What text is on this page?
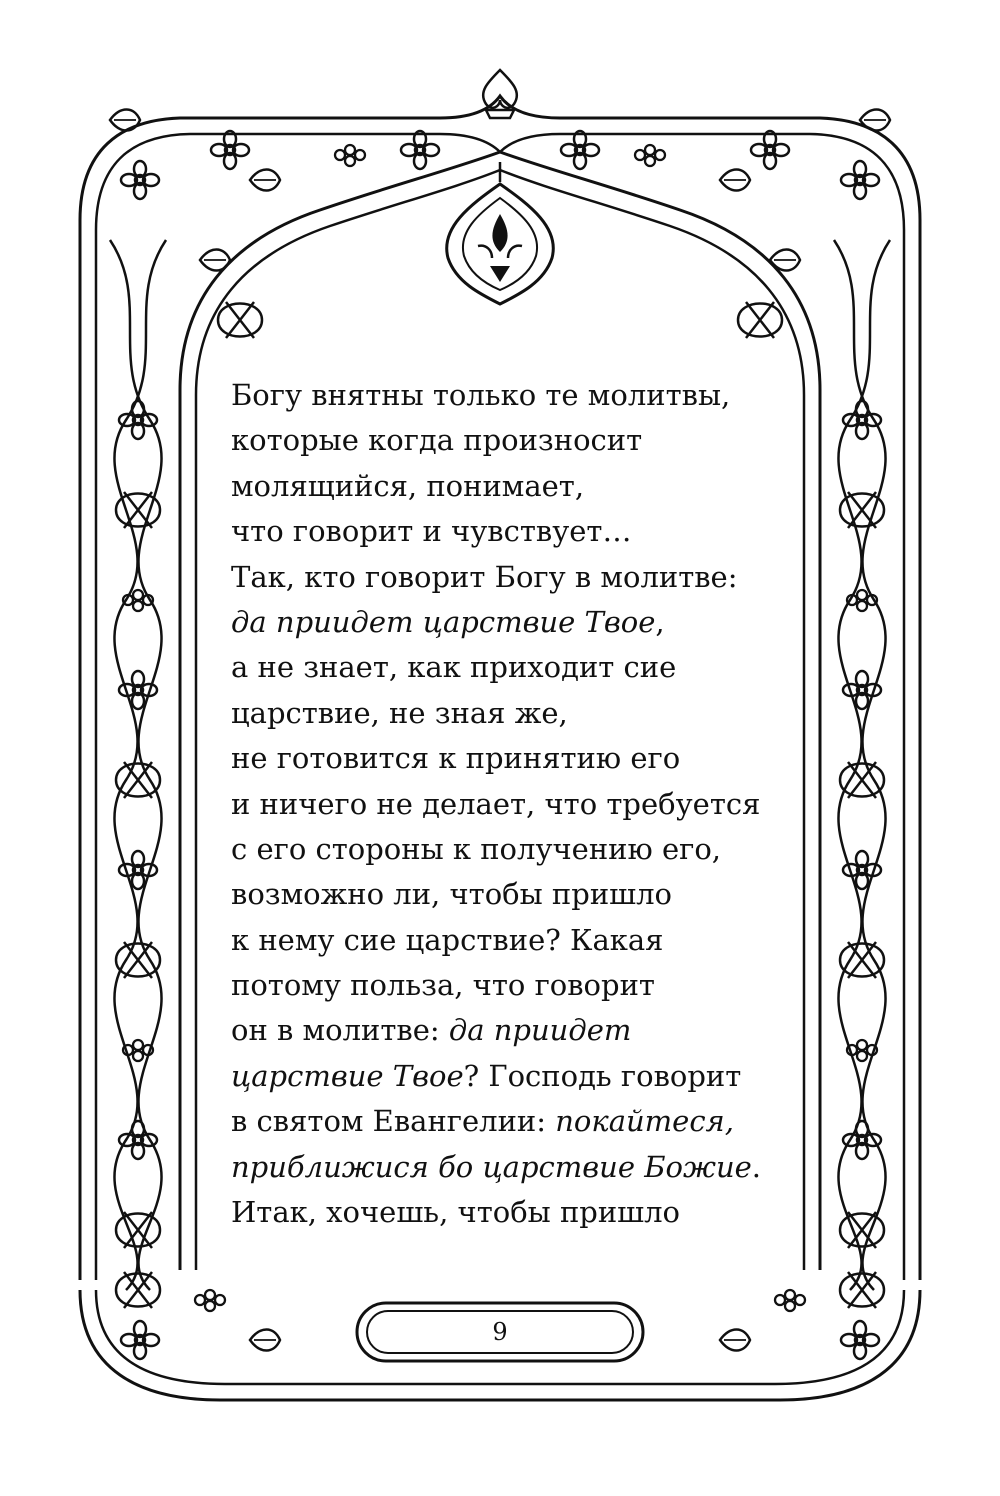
Богу внятны только те молитвы,
которые когда произносит
молящийся, понимает,
что говорит и чувствует…
Так, кто говорит Богу в молитве:
да приидет царствие Твое,
а не знает, как приходит сие
царствие, не зная же,
не готовится к принятию его
и ничего не делает, что требуется
с его стороны к получению его,
возможно ли, чтобы пришло
к нему сие царствие? Какая
потому польза, что говорит
он в молитве: да приидет
царствие Твое? Господь говорит
в святом Евангелии: покайтеся,
приближися бо царствие Божие.
Итак, хочешь, чтобы пришло
9
